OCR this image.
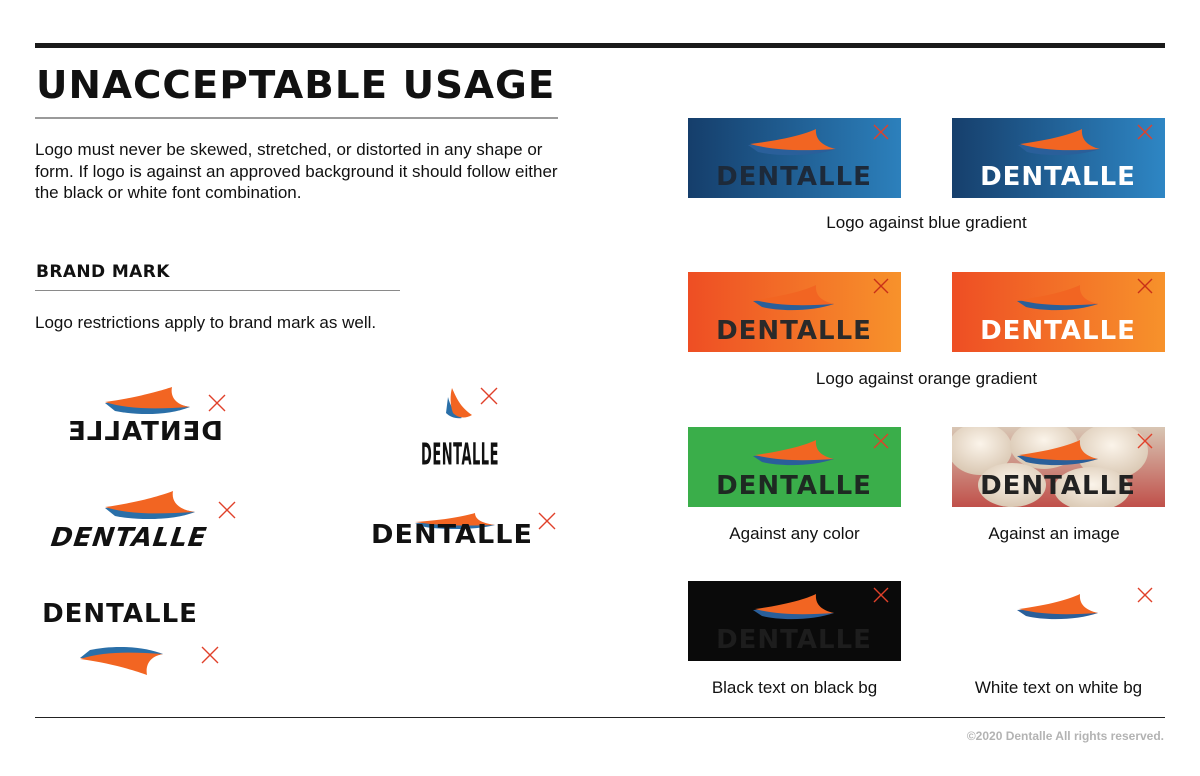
UNACCEPTABLE USAGE
Logo must never be skewed, stretched, or distorted in any shape or form. If logo is against an approved background it should follow either the black or white font combination.
BRAND MARK
Logo restrictions apply to brand mark as well.
DENTALLE
DENTALLE
DENTALLE	DENTALLE
DENTALLE
DENTALLE	DENTALLE
Logo against blue gradient
DENTALLE	DENTALLE
Logo against orange gradient
DENTALLE	DENTALLE
Against any color	Against an image
DENTALLE
Black text on black bg	White text on white bg
©2020 Dentalle All rights reserved.
